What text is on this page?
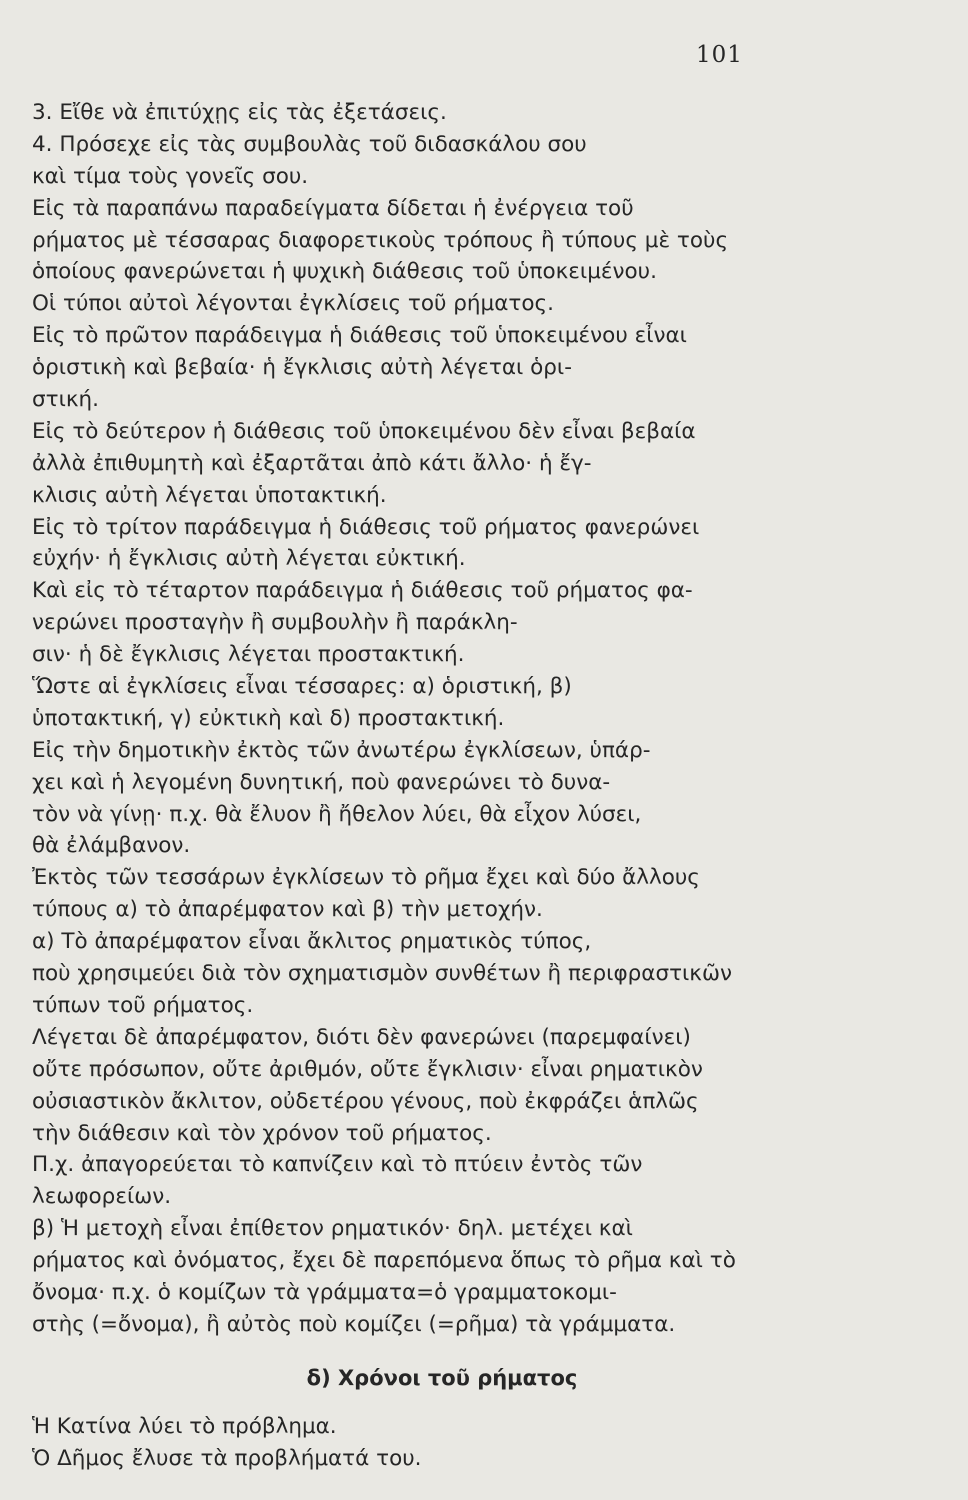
101
3. Εἴθε νὰ ἐπιτύχῃς εἰς τὰς ἐξετάσεις.
4. Πρόσεχε εἰς τὰς συμβουλὰς τοῦ διδασκάλου σου
καὶ τίμα τοὺς γονεῖς σου.
Εἰς τὰ παραπάνω παραδείγματα δίδεται ἡ ἐνέργεια τοῦ
ρήματος μὲ τέσσαρας διαφορετικοὺς τρόπους ἢ τύπους μὲ τοὺς
ὁποίους φανερώνεται ἡ ψυχικὴ διάθεσις τοῦ ὑποκειμένου.
Οἱ τύποι αὐτοὶ λέγονται ἐγκλίσεις τοῦ ρήματος.
Εἰς τὸ πρῶτον παράδειγμα ἡ διάθεσις τοῦ ὑποκειμένου εἶναι
ὁριστικὴ καὶ βεβαία· ἡ ἔγκλισις αὐτὴ λέγεται ὁρι-
στική.
Εἰς τὸ δεύτερον ἡ διάθεσις τοῦ ὑποκειμένου δὲν εἶναι βεβαία
ἀλλὰ ἐπιθυμητὴ καὶ ἐξαρτᾶται ἀπὸ κάτι ἄλλο· ἡ ἔγ-
κλισις αὐτὴ λέγεται ὑποτακτική.
Εἰς τὸ τρίτον παράδειγμα ἡ διάθεσις τοῦ ρήματος φανερώνει
εὐχήν· ἡ ἔγκλισις αὐτὴ λέγεται εὐκτική.
Καὶ εἰς τὸ τέταρτον παράδειγμα ἡ διάθεσις τοῦ ρήματος φα-
νερώνει προσταγὴν ἢ συμβουλὴν ἢ παράκλη-
σιν· ἡ δὲ ἔγκλισις λέγεται προστακτική.
Ὥστε αἱ ἐγκλίσεις εἶναι τέσσαρες: α) ὁριστική, β)
ὑποτακτική, γ) εὐκτικὴ καὶ δ) προστακτική.
Εἰς τὴν δημοτικὴν ἐκτὸς τῶν ἀνωτέρω ἐγκλίσεων, ὑπάρ-
χει καὶ ἡ λεγομένη δυνητική, ποὺ φανερώνει τὸ δυνα-
τὸν νὰ γίνῃ· π.χ. θὰ ἔλυον ἢ ἤθελον λύει, θὰ εἶχον λύσει,
θὰ ἐλάμβανον.
Ἐκτὸς τῶν τεσσάρων ἐγκλίσεων τὸ ρῆμα ἔχει καὶ δύο ἄλλους
τύπους α) τὸ ἀπαρέμφατον καὶ β) τὴν μετοχήν.
α) Τὸ ἀπαρέμφατον εἶναι ἄκλιτος ρηματικὸς τύπος,
ποὺ χρησιμεύει διὰ τὸν σχηματισμὸν συνθέτων ἢ περιφραστικῶν
τύπων τοῦ ρήματος.
Λέγεται δὲ ἀπαρέμφατον, διότι δὲν φανερώνει (παρεμφαίνει)
οὔτε πρόσωπον, οὔτε ἀριθμόν, οὔτε ἔγκλισιν· εἶναι ρηματικὸν
οὐσιαστικὸν ἄκλιτον, οὐδετέρου γένους, ποὺ ἐκφράζει ἁπλῶς
τὴν διάθεσιν καὶ τὸν χρόνον τοῦ ρήματος.
Π.χ. ἀπαγορεύεται τὸ καπνίζειν καὶ τὸ πτύειν ἐντὸς τῶν
λεωφορείων.
β) Ἡ μετοχὴ εἶναι ἐπίθετον ρηματικόν· δηλ. μετέχει καὶ
ρήματος καὶ ὀνόματος, ἔχει δὲ παρεπόμενα ὅπως τὸ ρῆμα καὶ τὸ
ὄνομα· π.χ. ὁ κομίζων τὰ γράμματα=ὁ γραμματοκομι-
στὴς (=ὄνομα), ἢ αὐτὸς ποὺ κομίζει (=ρῆμα) τὰ γράμματα.
δ) Χρόνοι τοῦ ρήματος
Ἡ Κατίνα λύει τὸ πρόβλημα.
Ὁ Δῆμος ἔλυσε τὰ προβλήματά του.
